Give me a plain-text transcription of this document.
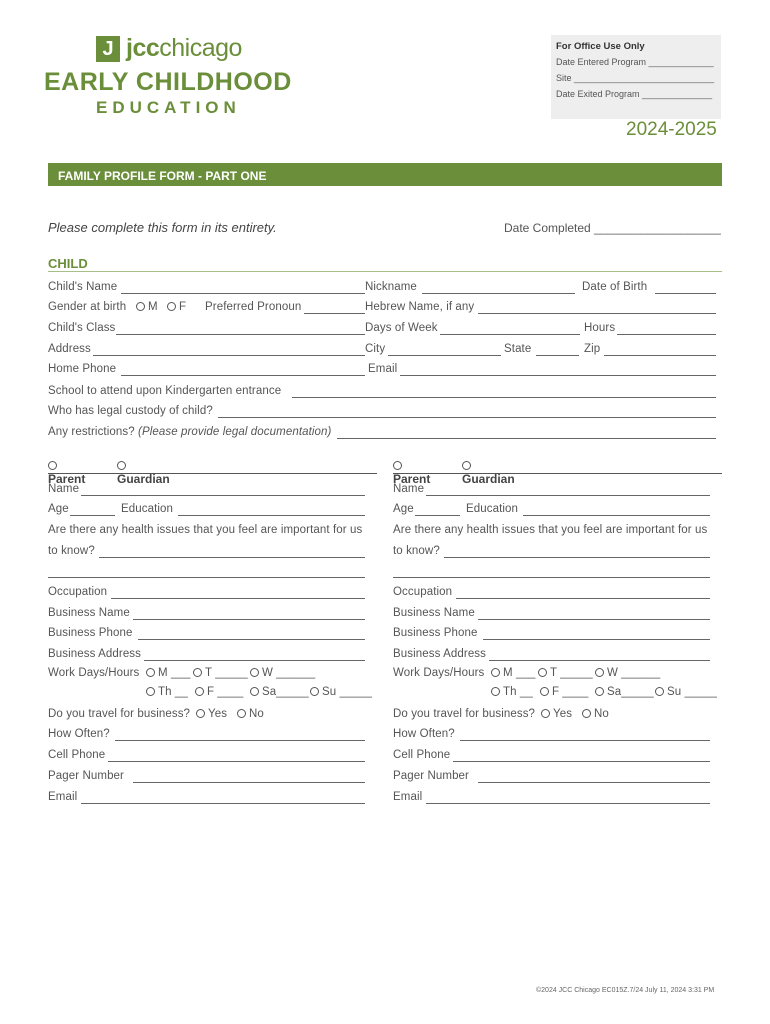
J jccchicago
EARLY CHILDHOOD
EDUCATION
For Office Use Only
Date Entered Program _____________
Site ____________________________
Date Exited Program ______________
2024-2025
FAMILY PROFILE FORM - PART ONE
Please complete this form in its entirety.	Date Completed ___________________
CHILD
Child's Name	Nickname	Date of Birth
Gender at birth	M	F Preferred Pronoun	Hebrew Name, if any
Child's Class	Days of Week	Hours
Address	City	State	Zip
Home Phone	Email
School to attend upon Kindergarten entrance
Who has legal custody of child?
Any restrictions? (Please provide legal documentation)
Parent	Guardian
Name
Age	Education
Are there any health issues that you feel are important for us
to know?
Occupation
Business Name
Business Phone
Business Address
Work Days/Hours	M ___	T _____	W ______
Th __	F ____	Sa_____	Su _____
Do you travel for business?	Yes	No
How Often?
Cell Phone
Pager Number
Email
Parent	Guardian
Name
Age	Education
Are there any health issues that you feel are important for us
to know?
Occupation
Business Name
Business Phone
Business Address
Work Days/Hours	M ___	T _____	W ______
Th __	F ____	Sa_____	Su _____
Do you travel for business?	Yes	No
How Often?
Cell Phone
Pager Number
Email
©2024 JCC Chicago EC015Z.7/24 July 11, 2024 3:31 PM
